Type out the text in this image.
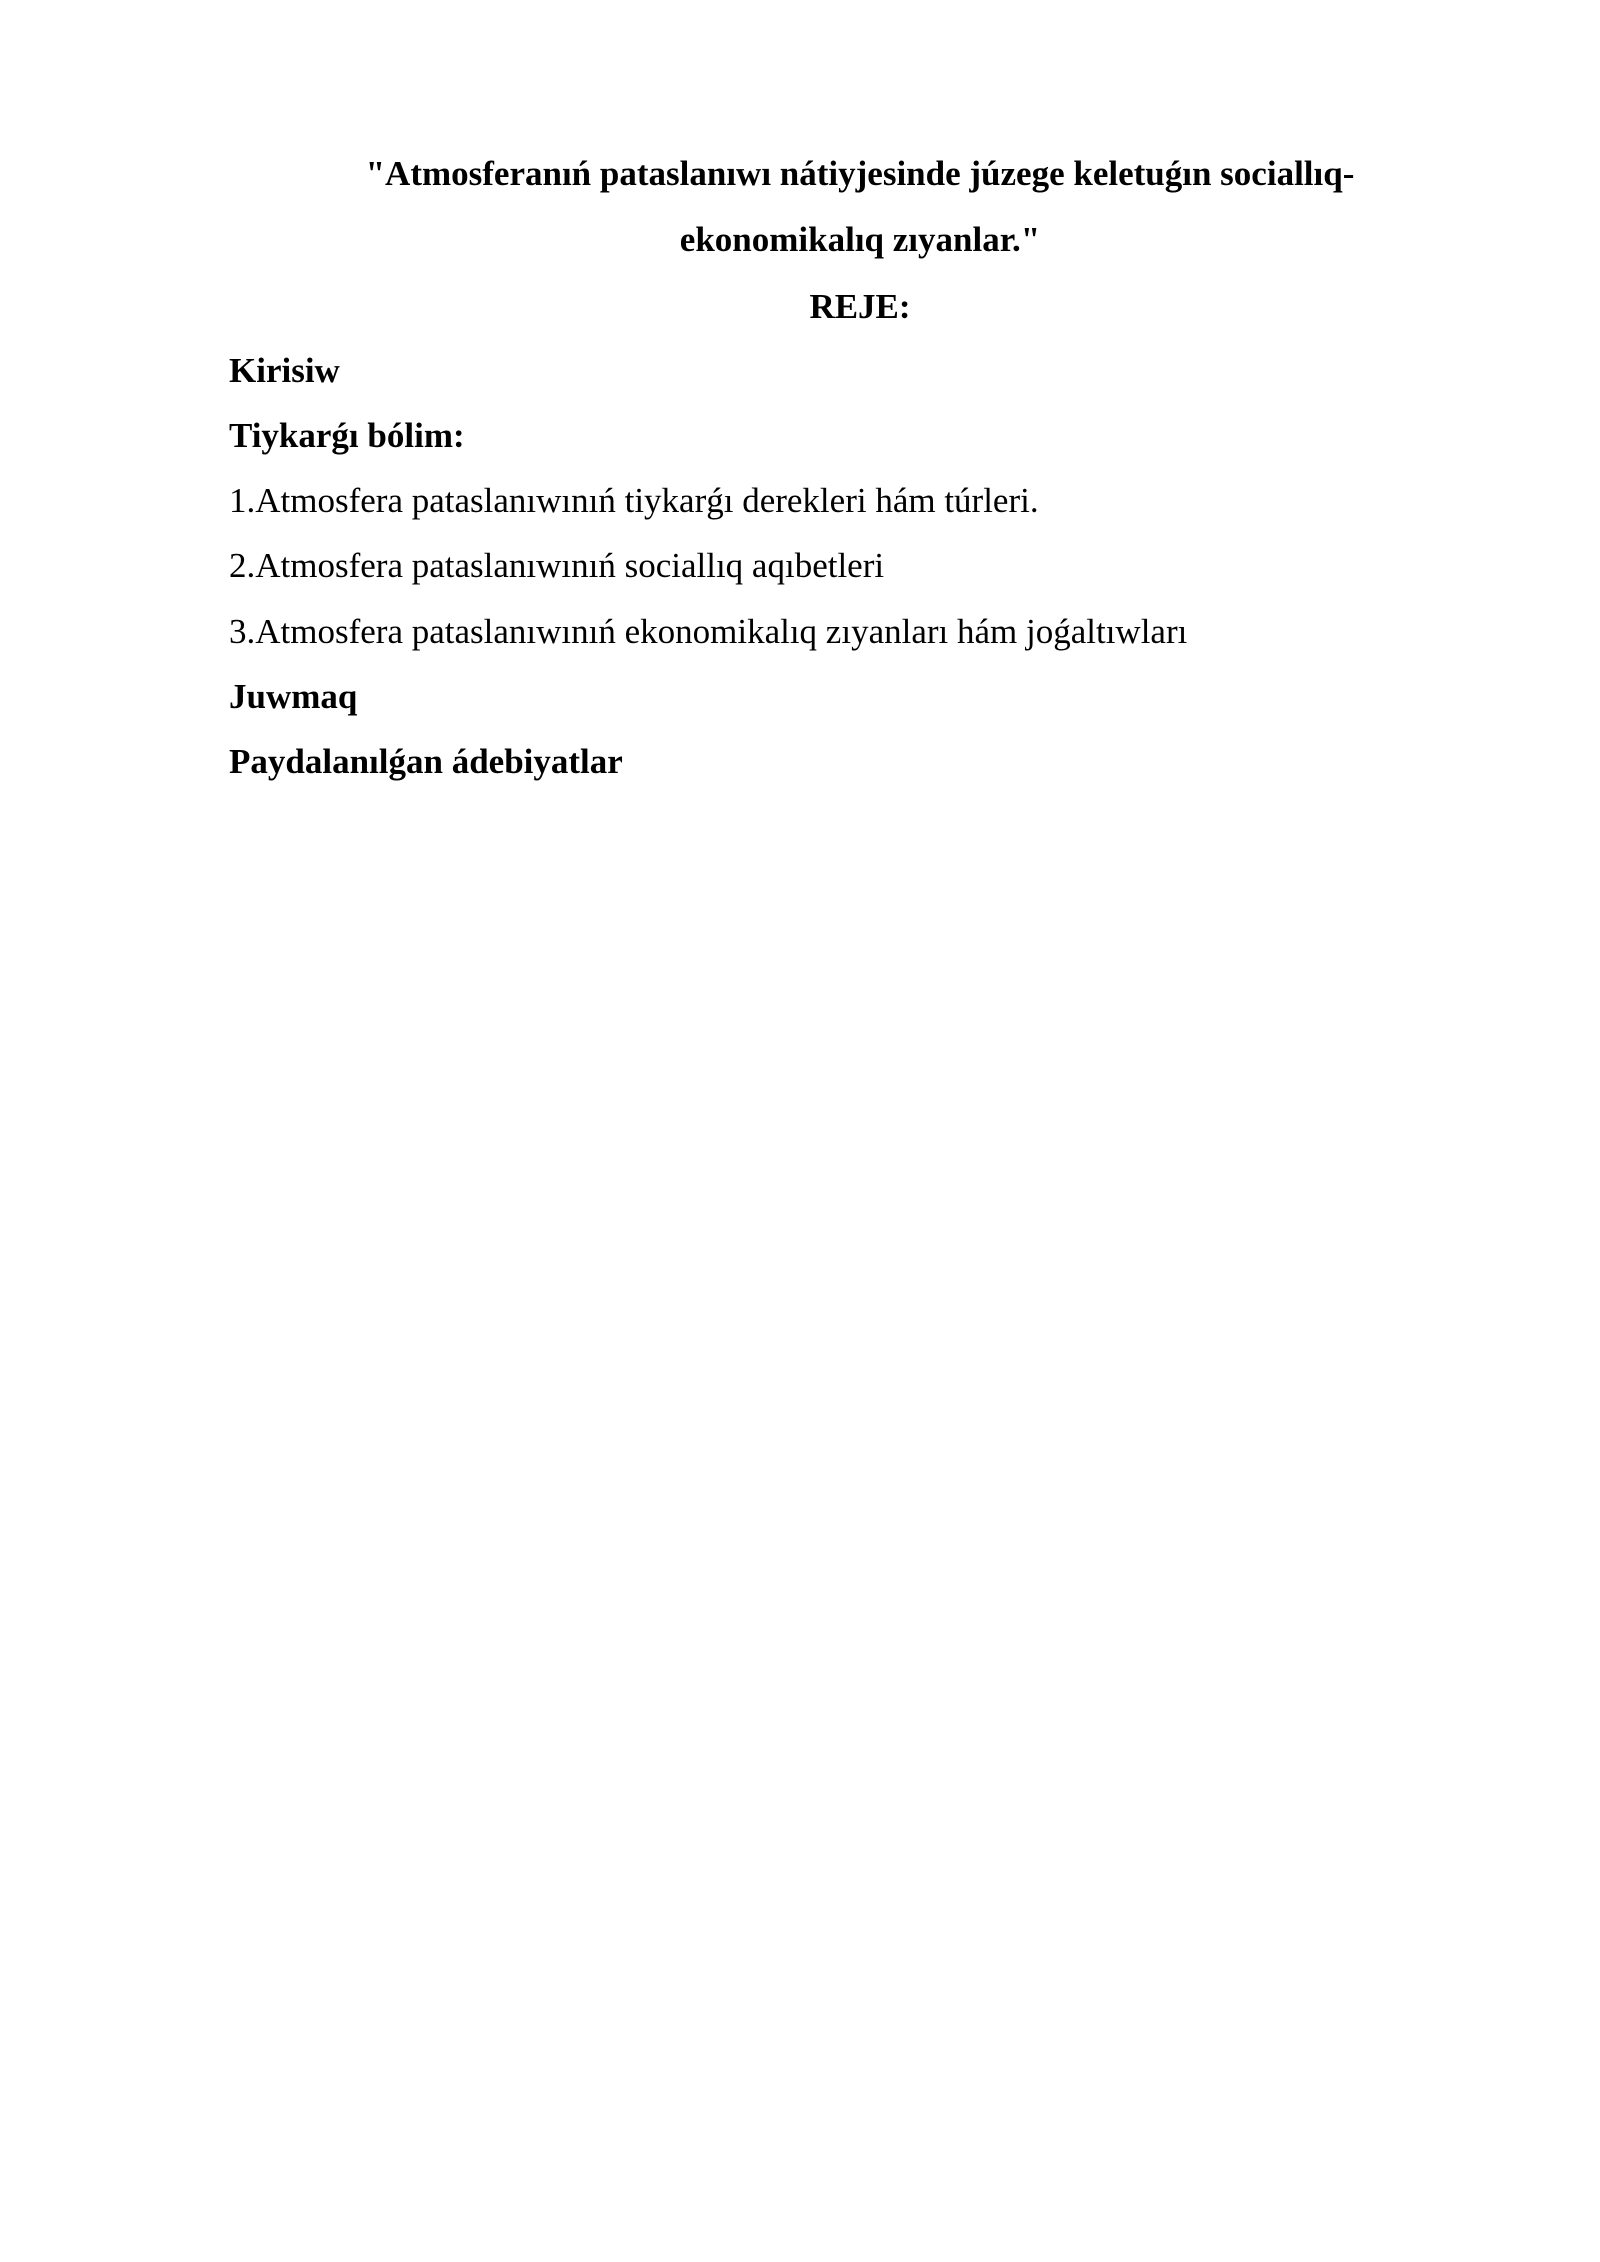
"Atmosferanıń pataslanıwı nátiyjesinde júzege keletuǵın sociallıq-
ekonomikalıq zıyanlar."
REJE:
Kirisiw
Tiykarǵı bólim:
1.Atmosfera pataslanıwınıń tiykarǵı derekleri hám túrleri.
2.Atmosfera pataslanıwınıń sociallıq aqıbetleri
3.Atmosfera pataslanıwınıń ekonomikalıq zıyanları hám joǵaltıwları
Juwmaq
Paydalanılǵan ádebiyatlar
